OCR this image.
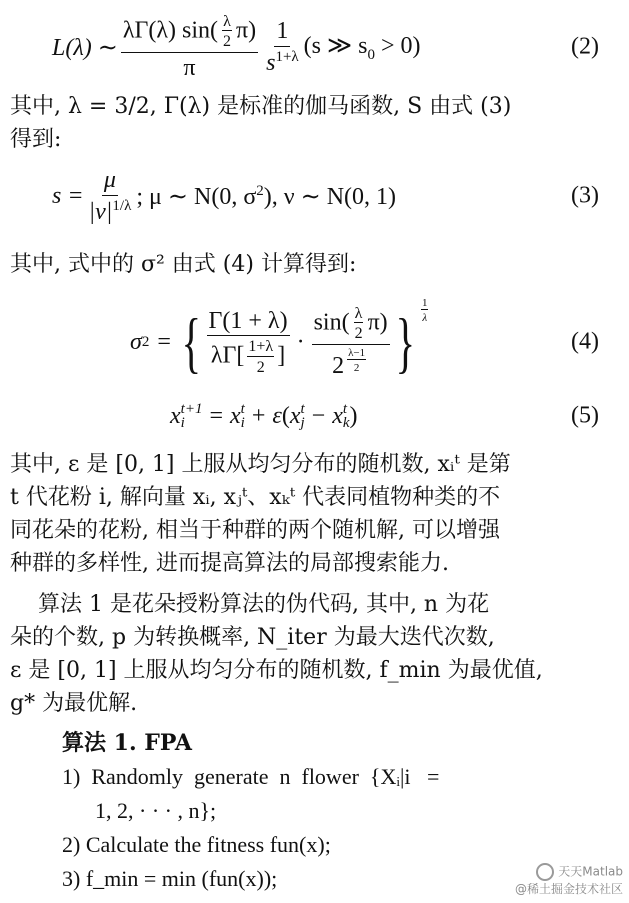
L(λ) ∼ $\frac{\lambda\Gamma(\lambda) \sin( \frac{\lambda}{2} \pi)}{\pi} \frac{1}{s^{1+\lambda}} (s$ ≫ $s_0 > 0$)	(2)
其中, λ = 3/2, Γ(λ) 是标准的伽马函数, S 由式 (3)
得到:
$s = \frac{\mu}{|\nu|^{1/\lambda}}$ ; μ ∼ N(0, $\sigma^2$), ν ∼ N(0, 1)	(3)
其中, 式中的 σ² 由式 (4) 计算得到:
σ 2 = { $\frac{\Gamma(1 + \lambda)}{\lambda\Gamma[ \frac{1+\lambda}{2} ]} \cdot \sin( \frac{\lambda}{2} \pi)$
2 $^{\frac{\lambda-1}{2}}$ } $\frac{1}{\lambda}$
(4)
x t+1
i	= x t
i + ε ( x t
j − x t
k )	(5)
其中, ε 是 [0, 1] 上服从均匀分布的随机数, xᵢᵗ 是第
t 代花粉 i, 解向量 xᵢ, xⱼᵗ、xₖᵗ 代表同植物种类的不
同花朵的花粉, 相当于种群的两个随机解, 可以增强
种群的多样性, 进而提高算法的局部搜索能力.
算法 1 是花朵授粉算法的伪代码, 其中, n 为花
朵的个数, p 为转换概率, N_iter 为最大迭代次数,
ε 是 [0, 1] 上服从均匀分布的随机数, f_min 为最优值,
g* 为最优解.
算法 1. FPA
1)  Randomly  generate  n  flower  {Xᵢ|i   =
1, 2, · · · , n};
2) Calculate the fitness fun(x);
3) f_min = min (fun(x));	天天Matlab
@稀土掘金技术社区
